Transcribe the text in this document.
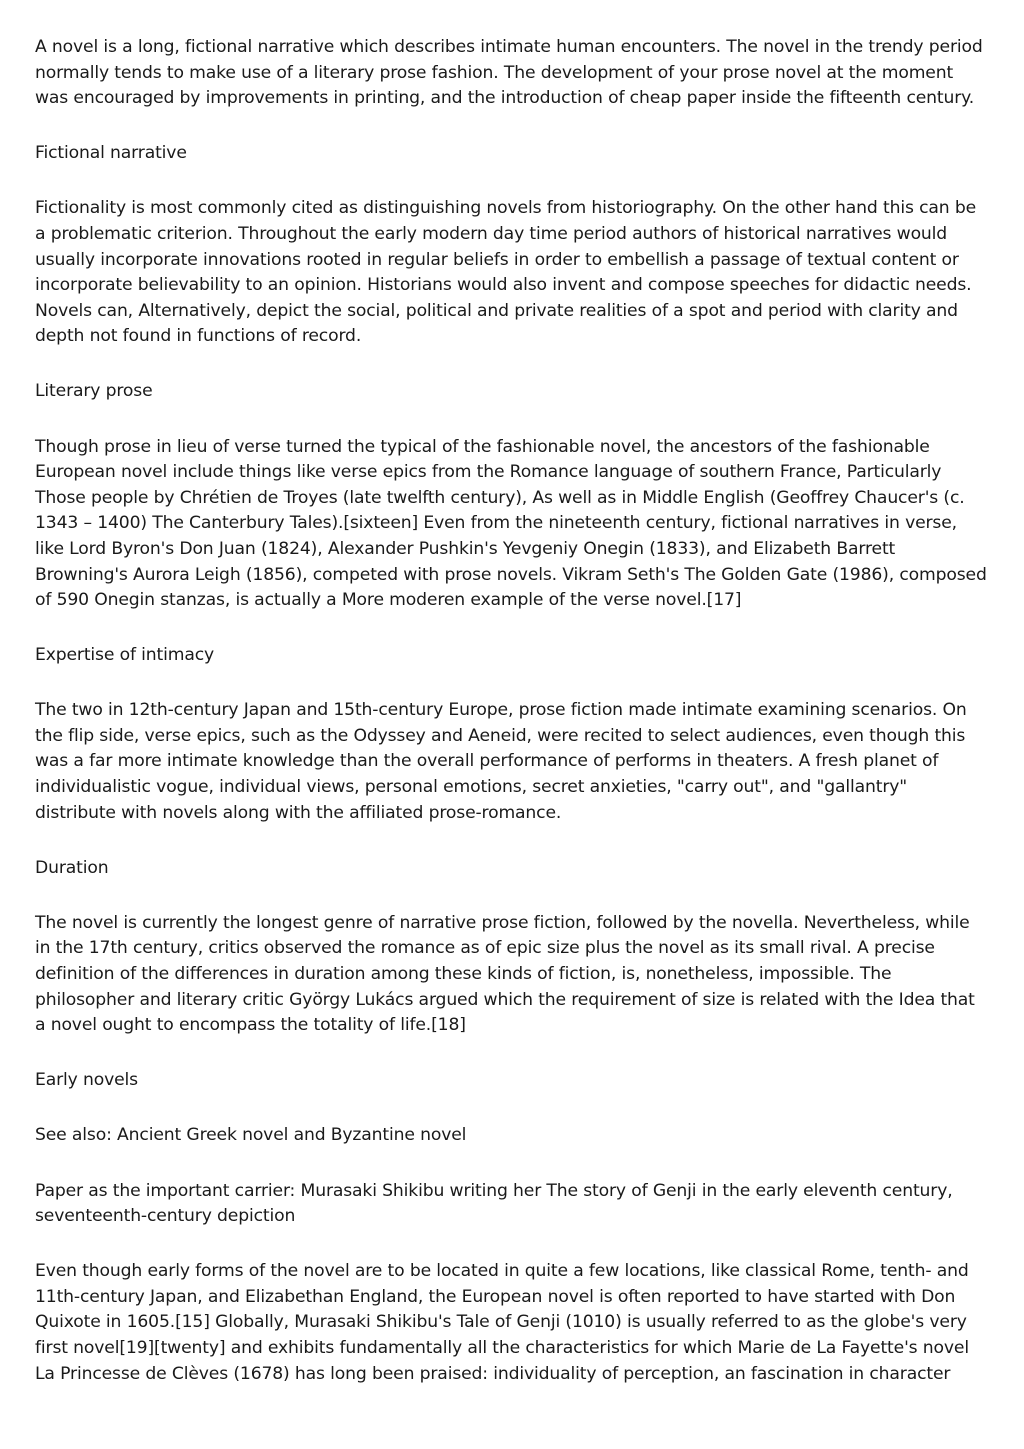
A novel is a long, fictional narrative which describes intimate human encounters. The novel in the trendy period normally tends to make use of a literary prose fashion. The development of your prose novel at the moment was encouraged by improvements in printing, and the introduction of cheap paper inside the fifteenth century.

Fictional narrative

Fictionality is most commonly cited as distinguishing novels from historiography. On the other hand this can be a problematic criterion. Throughout the early modern day time period authors of historical narratives would usually incorporate innovations rooted in regular beliefs in order to embellish a passage of textual content or incorporate believability to an opinion. Historians would also invent and compose speeches for didactic needs. Novels can, Alternatively, depict the social, political and private realities of a spot and period with clarity and depth not found in functions of record.

Literary prose

Though prose in lieu of verse turned the typical of the fashionable novel, the ancestors of the fashionable European novel include things like verse epics from the Romance language of southern France, Particularly Those people by Chrétien de Troyes (late twelfth century), As well as in Middle English (Geoffrey Chaucer's (c. 1343 – 1400) The Canterbury Tales).[sixteen] Even from the nineteenth century, fictional narratives in verse, like Lord Byron's Don Juan (1824), Alexander Pushkin's Yevgeniy Onegin (1833), and Elizabeth Barrett Browning's Aurora Leigh (1856), competed with prose novels. Vikram Seth's The Golden Gate (1986), composed of 590 Onegin stanzas, is actually a More moderen example of the verse novel.[17]

Expertise of intimacy

The two in 12th-century Japan and 15th-century Europe, prose fiction made intimate examining scenarios. On the flip side, verse epics, such as the Odyssey and Aeneid, were recited to select audiences, even though this was a far more intimate knowledge than the overall performance of performs in theaters. A fresh planet of individualistic vogue, individual views, personal emotions, secret anxieties, "carry out", and "gallantry" distribute with novels along with the affiliated prose-romance.

Duration

The novel is currently the longest genre of narrative prose fiction, followed by the novella. Nevertheless, while in the 17th century, critics observed the romance as of epic size plus the novel as its small rival. A precise definition of the differences in duration among these kinds of fiction, is, nonetheless, impossible. The philosopher and literary critic György Lukács argued which the requirement of size is related with the Idea that a novel ought to encompass the totality of life.[18]

Early novels

See also: Ancient Greek novel and Byzantine novel

Paper as the important carrier: Murasaki Shikibu writing her The story of Genji in the early eleventh century, seventeenth-century depiction

Even though early forms of the novel are to be located in quite a few locations, like classical Rome, tenth- and 11th-century Japan, and Elizabethan England, the European novel is often reported to have started with Don Quixote in 1605.[15] Globally, Murasaki Shikibu's Tale of Genji (1010) is usually referred to as the globe's very first novel[19][twenty] and exhibits fundamentally all the characteristics for which Marie de La Fayette's novel La Princesse de Clèves (1678) has long been praised: individuality of perception, an fascination in character
